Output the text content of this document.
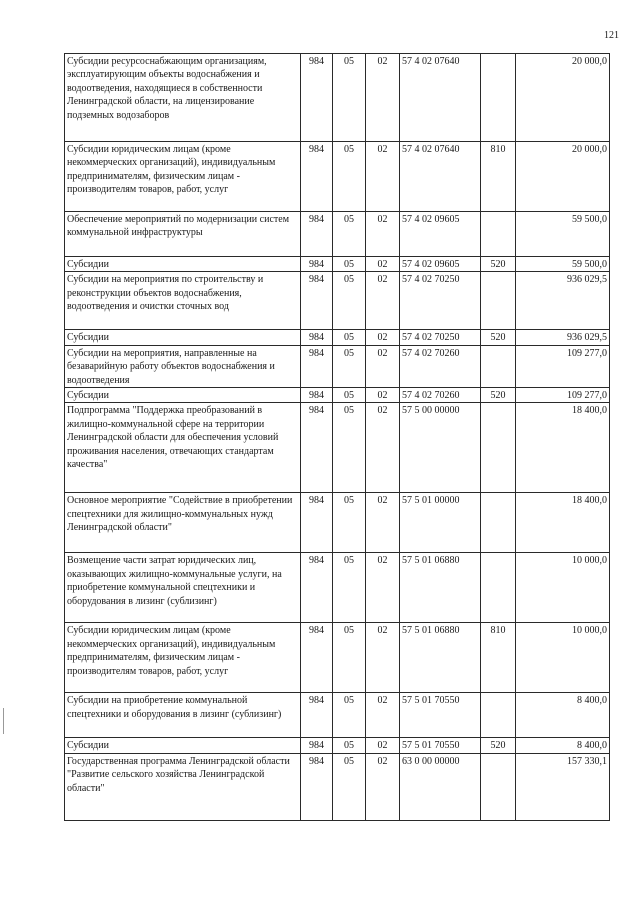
121
Субсидии ресурсоснабжающим организациям, эксплуатирующим объекты водоснабжения и водоотведения, находящиеся в собственности Ленинградской области, на лицензирование подземных водозаборов	984	05	02	57 4 02 07640		20 000,0
Субсидии юридическим лицам (кроме некоммерческих организаций), индивидуальным предпринимателям, физическим лицам - производителям товаров, работ, услуг	984	05	02	57 4 02 07640	810	20 000,0
Обеспечение мероприятий по модернизации систем коммунальной инфраструктуры	984	05	02	57 4 02 09605		59 500,0
Субсидии	984	05	02	57 4 02 09605	520	59 500,0
Субсидии на мероприятия по строительству и реконструкции объектов водоснабжения, водоотведения и очистки сточных вод	984	05	02	57 4 02 70250		936 029,5
Субсидии	984	05	02	57 4 02 70250	520	936 029,5
Субсидии на мероприятия, направленные на безаварийную работу объектов водоснабжения и водоотведения	984	05	02	57 4 02 70260		109 277,0
Субсидии	984	05	02	57 4 02 70260	520	109 277,0
Подпрограмма "Поддержка преобразований в жилищно-коммунальной сфере на территории Ленинградской области для обеспечения условий проживания населения, отвечающих стандартам качества"	984	05	02	57 5 00 00000		18 400,0
Основное мероприятие "Содействие в приобретении спецтехники для жилищно-коммунальных нужд Ленинградской области"	984	05	02	57 5 01 00000		18 400,0
Возмещение части затрат юридических лиц, оказывающих жилищно-коммунальные услуги, на приобретение коммунальной спецтехники и оборудования в лизинг (сублизинг)	984	05	02	57 5 01 06880		10 000,0
Субсидии юридическим лицам (кроме некоммерческих организаций), индивидуальным предпринимателям, физическим лицам - производителям товаров, работ, услуг	984	05	02	57 5 01 06880	810	10 000,0
Субсидии на приобретение коммунальной спецтехники и оборудования в лизинг (сублизинг)	984	05	02	57 5 01 70550		8 400,0
Субсидии	984	05	02	57 5 01 70550	520	8 400,0
Государственная программа Ленинградской области "Развитие сельского хозяйства Ленинградской области"	984	05	02	63 0 00 00000		157 330,1
